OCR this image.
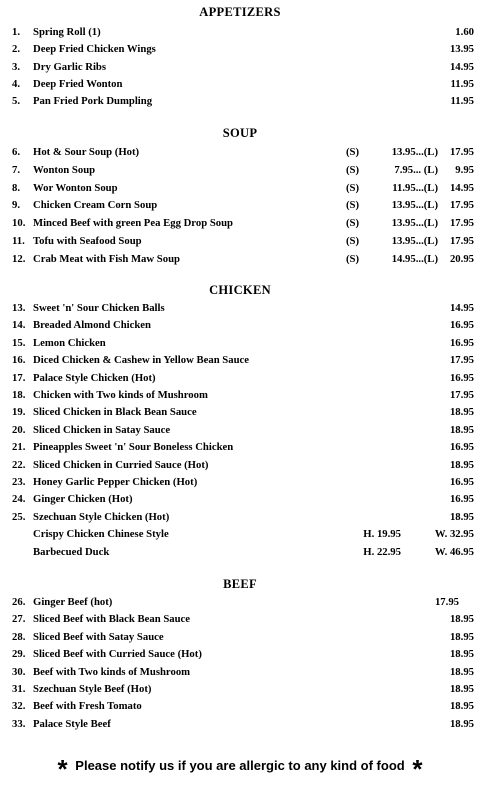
APPETIZERS
SOUP
CHICKEN
BEEF
* Please notify us if you are allergic to any kind of food *
1. Spring Roll (1)	1.60
2. Deep Fried Chicken Wings	13.95
3. Dry Garlic Ribs	14.95
4. Deep Fried Wonton	11.95
5. Pan Fried Pork Dumpling	11.95
6. Hot & Sour Soup (Hot)	(S)	13.95...(L) 17.95
7. Wonton Soup	(S)	7.95... (L) 9.95
8. Wor Wonton Soup	(S)	11.95...(L) 14.95
9. Chicken Cream Corn Soup	(S)	13.95...(L) 17.95
10. Minced Beef with green Pea Egg Drop Soup	(S)	13.95...(L) 17.95
11. Tofu with Seafood Soup	(S)	13.95...(L) 17.95
12. Crab Meat with Fish Maw Soup	(S)	14.95...(L) 20.95
13. Sweet 'n' Sour Chicken Balls	14.95
14. Breaded Almond Chicken	16.95
15. Lemon Chicken	16.95
16. Diced Chicken & Cashew in Yellow Bean Sauce	17.95
17. Palace Style Chicken (Hot)	16.95
18. Chicken with Two kinds of Mushroom	17.95
19. Sliced Chicken in Black Bean Sauce	18.95
20. Sliced Chicken in Satay Sauce	18.95
21. Pineapples Sweet 'n' Sour Boneless Chicken	16.95
22. Sliced Chicken in Curried Sauce (Hot)	18.95
23. Honey Garlic Pepper Chicken (Hot)	16.95
24. Ginger Chicken (Hot)	16.95
25. Szechuan Style Chicken (Hot)	18.95
Crispy Chicken Chinese Style	H. 19.95	W. 32.95
Barbecued Duck	H. 22.95	W. 46.95
26. Ginger Beef (hot)	17.95
27. Sliced Beef with Black Bean Sauce	18.95
28. Sliced Beef with Satay Sauce	18.95
29. Sliced Beef with Curried Sauce (Hot)	18.95
30. Beef with Two kinds of Mushroom	18.95
31. Szechuan Style Beef (Hot)	18.95
32. Beef with Fresh Tomato	18.95
33. Palace Style Beef	18.95
